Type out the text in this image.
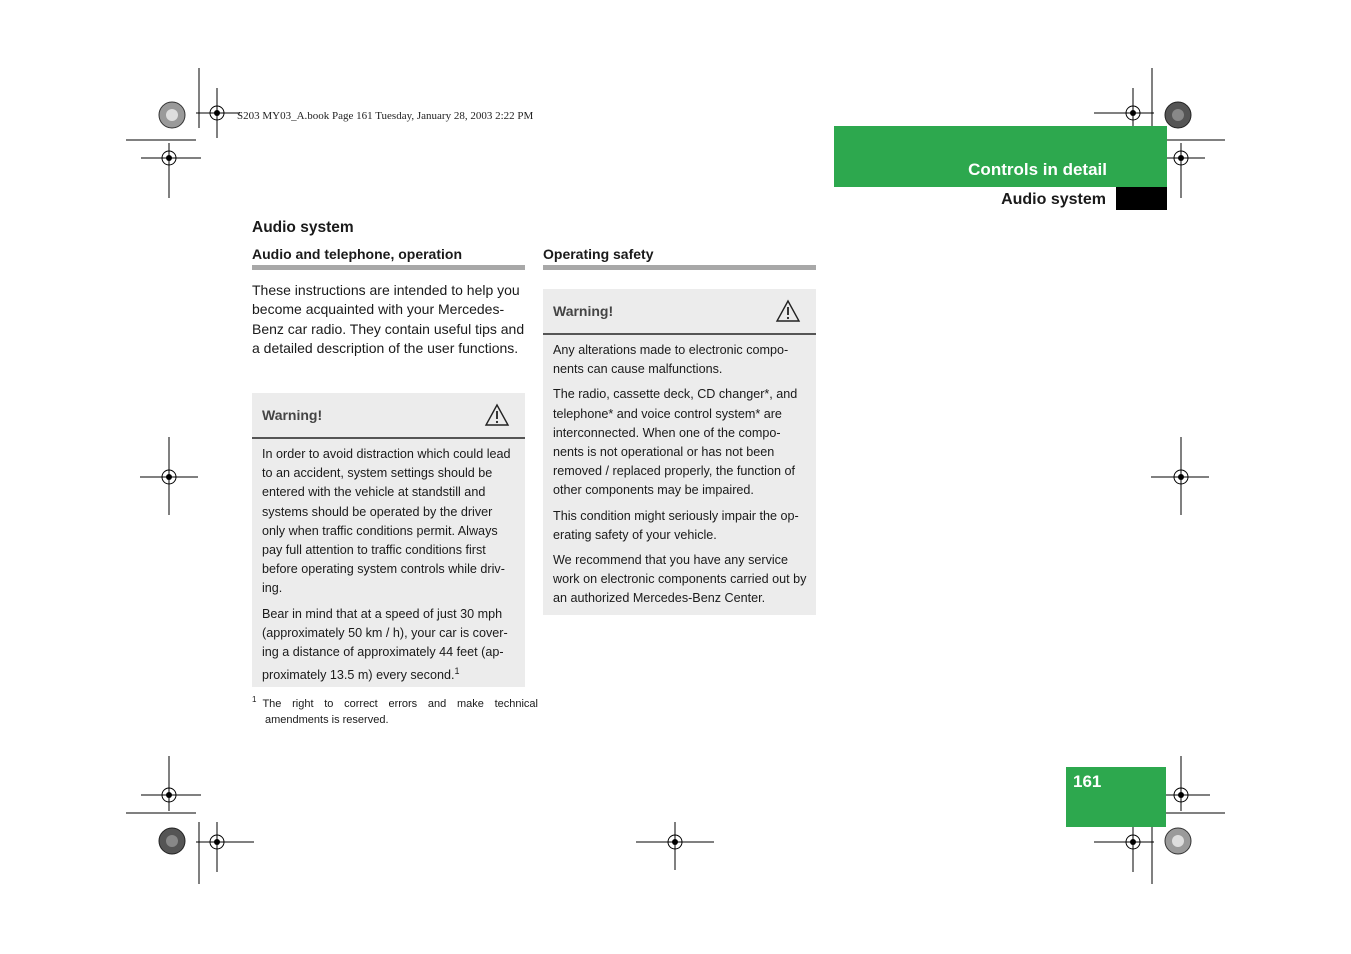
S203 MY03_A.book Page 161 Tuesday, January 28, 2003 2:22 PM
Controls in detail
Audio system
Audio system
Audio and telephone, operation
These instructions are intended to help you become acquainted with your Mercedes-Benz car radio. They contain useful tips and a detailed description of the user functions.
Warning!

In order to avoid distraction which could lead to an accident, system settings should be entered with the vehicle at standstill and systems should be operated by the driver only when traffic conditions permit. Always pay full attention to traffic conditions first before operating system controls while driv-ing.

Bear in mind that at a speed of just 30 mph (approximately 50 km / h), your car is cover-ing a distance of approximately 44 feet (ap-proximately 13.5 m) every second.$^1$

$^1$ The right to correct errors and make technical amendments is reserved.
Operating safety
Warning!

Any alterations made to electronic compo-nents can cause malfunctions.

The radio, cassette deck, CD changer*, and telephone* and voice control system* are interconnected. When one of the compo-nents is not operational or has not been removed / replaced properly, the function of other components may be impaired.

This condition might seriously impair the op-erating safety of your vehicle.

We recommend that you have any service work on electronic components carried out by an authorized Mercedes-Benz Center.

161
